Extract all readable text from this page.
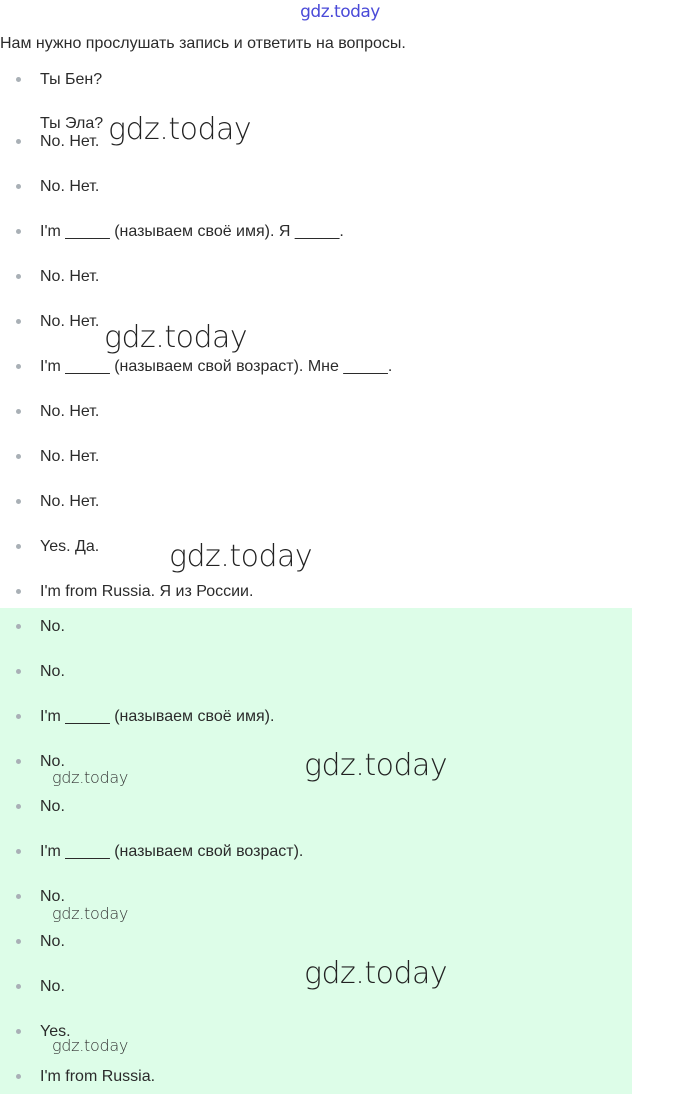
gdz.today
Нам нужно прослушать запись и ответить на вопросы.
Ты Бен?
Ты Эла?
No. Нет.
No. Нет.
I'm _____ (называем своё имя). Я _____.
No. Нет.
No. Нет.
I'm _____ (называем свой возраст). Мне _____.
No. Нет.
No. Нет.
No. Нет.
Yes. Да.
I'm from Russia. Я из России.
No.
No.
I'm _____ (называем своё имя).
No.
No.
I'm _____ (называем свой возраст).
No.
No.
No.
Yes.
I'm from Russia.
gdz.today
gdz.today
gdz.today
gdz.today
gdz.today
gdz.today
gdz.today
gdz.today
